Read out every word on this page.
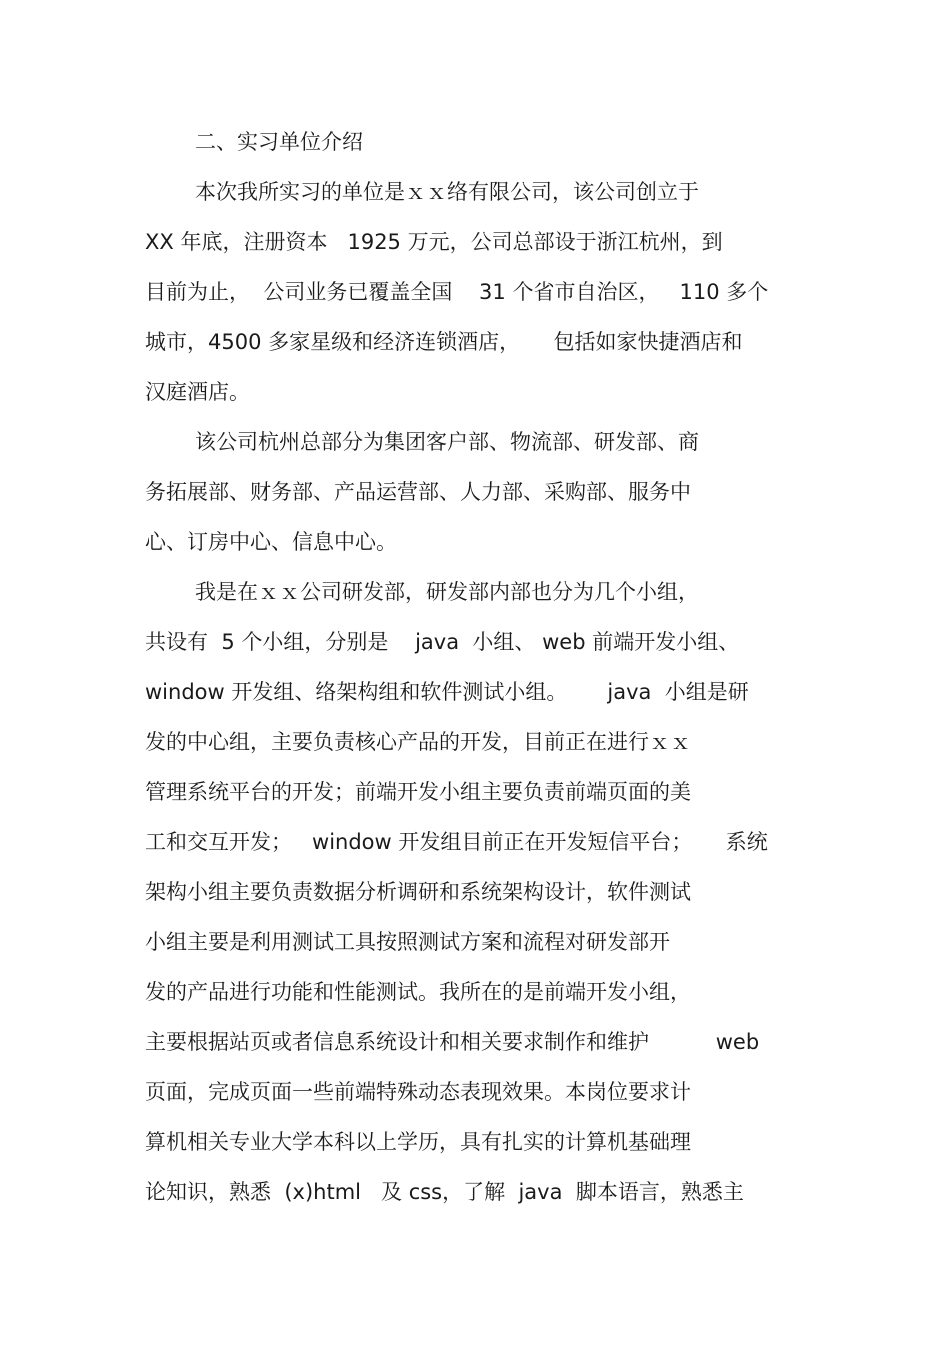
二、实习单位介绍

本次我所实习的单位是ｘｘ络有限公司，该公司创立于

XX 年底，注册资本   1925 万元，公司总部设于浙江杭州，到

目前为止，  公司业务已覆盖全国    31 个省市自治区，   110 多个

城市，4500 多家星级和经济连锁酒店，     包括如家快捷酒店和

汉庭酒店。

该公司杭州总部分为集团客户部、物流部、研发部、商

务拓展部、财务部、产品运营部、人力部、采购部、服务中

心、订房中心、信息中心。

我是在ｘｘ公司研发部，研发部内部也分为几个小组，

共设有  5 个小组，分别是    java  小组、 web 前端开发小组、

window 开发组、络架构组和软件测试小组。      java  小组是研

发的中心组，主要负责核心产品的开发，目前正在进行ｘｘ

管理系统平台的开发；前端开发小组主要负责前端页面的美

工和交互开发；   window 开发组目前正在开发短信平台；     系统

架构小组主要负责数据分析调研和系统架构设计，软件测试

小组主要是利用测试工具按照测试方案和流程对研发部开

发的产品进行功能和性能测试。我所在的是前端开发小组，

主要根据站页或者信息系统设计和相关要求制作和维护          web

页面，完成页面一些前端特殊动态表现效果。本岗位要求计

算机相关专业大学本科以上学历，具有扎实的计算机基础理

论知识，熟悉  (x)html   及 css，了解  java  脚本语言，熟悉主
